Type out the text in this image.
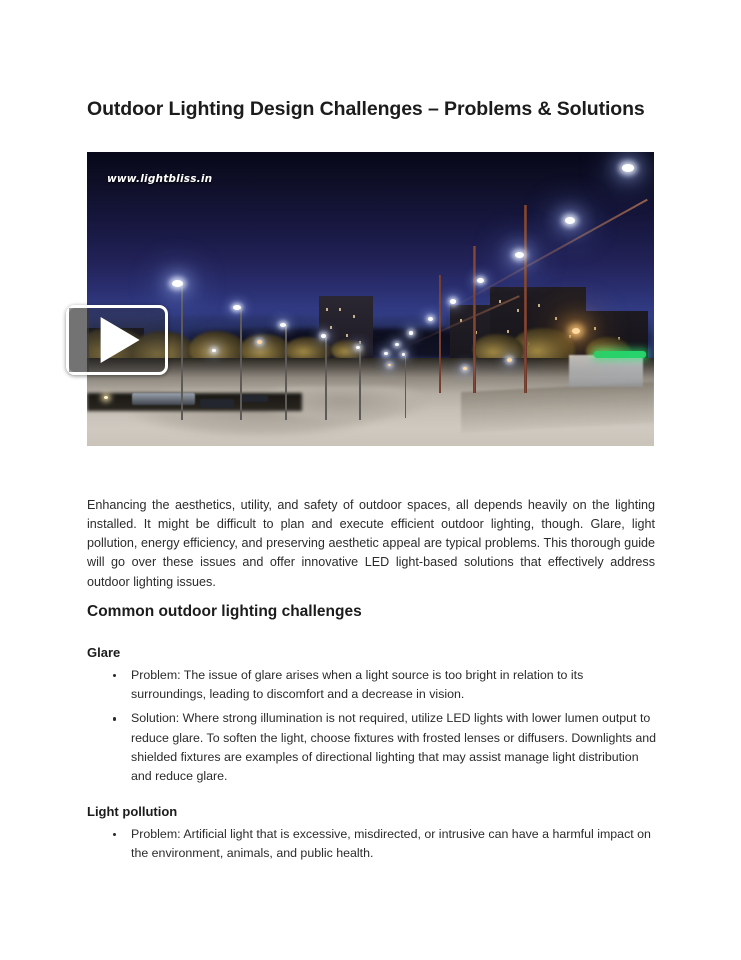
Outdoor Lighting Design Challenges – Problems & Solutions
www.lightbliss.in

Enhancing the aesthetics, utility, and safety of outdoor spaces, all depends heavily on the lighting installed. It might be difficult to plan and execute efficient outdoor lighting, though. Glare, light pollution, energy efficiency, and preserving aesthetic appeal are typical problems. This thorough guide will go over these issues and offer innovative LED light-based solutions that effectively address outdoor lighting issues.

Common outdoor lighting challenges
Glare
Problem: The issue of glare arises when a light source is too bright in relation to its surroundings, leading to discomfort and a decrease in vision.
Solution: Where strong illumination is not required, utilize LED lights with lower lumen output to reduce glare. To soften the light, choose fixtures with frosted lenses or diffusers. Downlights and shielded fixtures are examples of directional lighting that may assist manage light distribution and reduce glare.
Light pollution
Problem: Artificial light that is excessive, misdirected, or intrusive can have a harmful impact on the environment, animals, and public health.
